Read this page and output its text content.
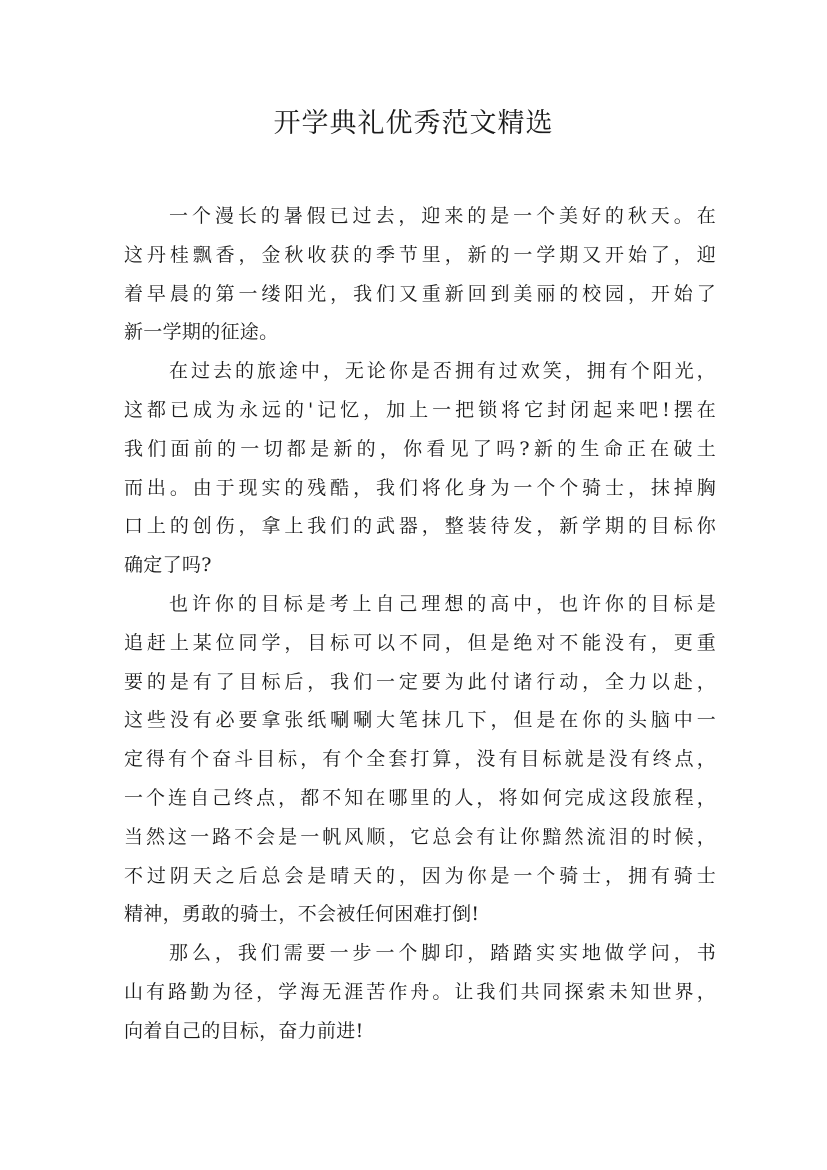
开学典礼优秀范文精选
一个漫长的暑假已过去，迎来的是一个美好的秋天。在
这丹桂飘香，金秋收获的季节里，新的一学期又开始了，迎
着早晨的第一缕阳光，我们又重新回到美丽的校园，开始了
新一学期的征途。
在过去的旅途中，无论你是否拥有过欢笑，拥有个阳光，
这都已成为永远的'记忆，加上一把锁将它封闭起来吧!摆在
我们面前的一切都是新的，你看见了吗?新的生命正在破土
而出。由于现实的残酷，我们将化身为一个个骑士，抹掉胸
口上的创伤，拿上我们的武器，整装待发，新学期的目标你
确定了吗?
也许你的目标是考上自己理想的高中，也许你的目标是
追赶上某位同学，目标可以不同，但是绝对不能没有，更重
要的是有了目标后，我们一定要为此付诸行动，全力以赴，
这些没有必要拿张纸唰唰大笔抹几下，但是在你的头脑中一
定得有个奋斗目标，有个全套打算，没有目标就是没有终点，
一个连自己终点，都不知在哪里的人，将如何完成这段旅程，
当然这一路不会是一帆风顺，它总会有让你黯然流泪的时候，
不过阴天之后总会是晴天的，因为你是一个骑士，拥有骑士
精神，勇敢的骑士，不会被任何困难打倒!
那么，我们需要一步一个脚印，踏踏实实地做学问，书
山有路勤为径，学海无涯苦作舟。让我们共同探索未知世界，
向着自己的目标，奋力前进!
